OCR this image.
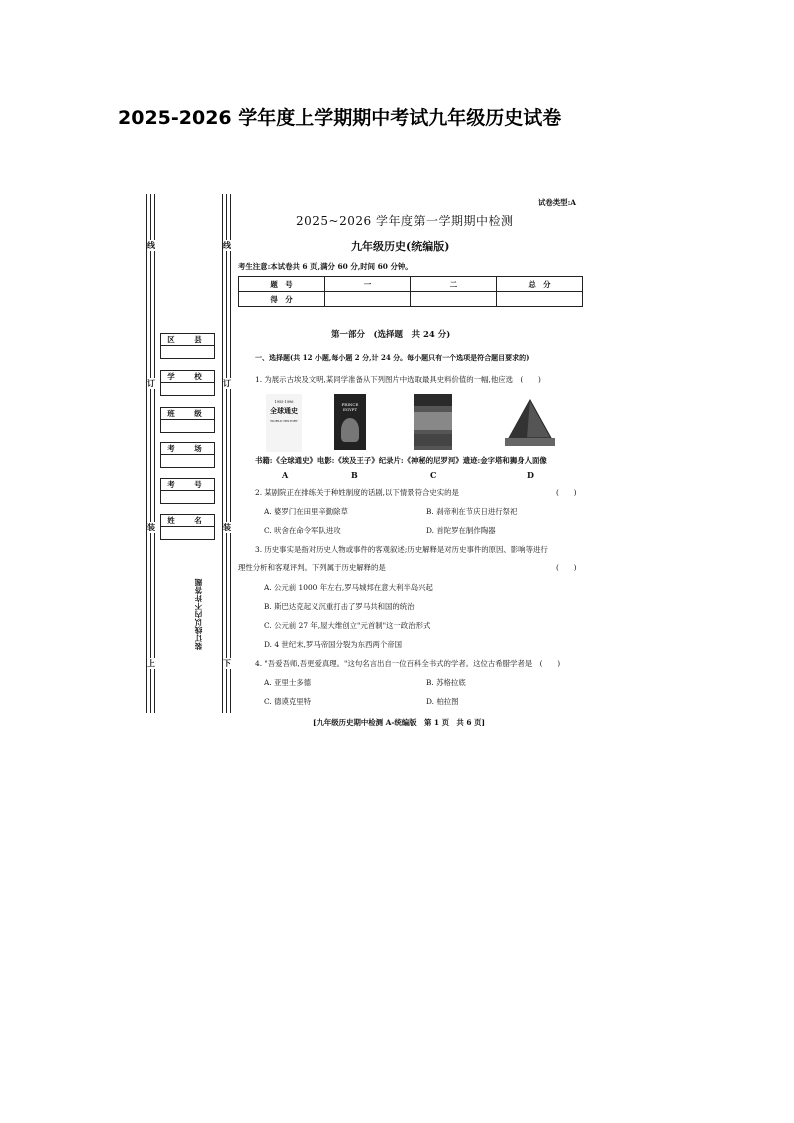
2025-2026 学年度上学期期中考试九年级历史试卷
线	线
订	订
装	装
上	下
区　县
学　校
班　级
考　场
考　号
姓　名
装订线以内不许答题
试卷类型:A
2025~2026 学年度第一学期期中检测
九年级历史(统编版)
考生注意:本试卷共 6 页,满分 60 分,时间 60 分钟。
题　号	一	二	总　分
得　分			
第一部分　(选择题　共 24 分)
一、选择题(共 12 小题,每小题 2 分,计 24 分。每小题只有一个选项是符合题目要求的)
1. 为展示古埃及文明,某同学准备从下列图片中选取最具史料价值的一幅,他应选　(　　)
1955-1996
全球通史
WORLD HISTORY
PRINCE EGYPT
书籍:《全球通史》电影:《埃及王子》纪录片:《神秘的尼罗河》遗迹:金字塔和狮身人面像
A	B	C	D
2. 某剧院正在排练关于种姓制度的话剧,以下情景符合史实的是	(　　)
A. 婆罗门在田里辛勤除草	B. 刹帝利在节庆日进行祭祀
C. 吠舍在命令军队进攻	D. 首陀罗在制作陶器
3. 历史事实是指对历史人物或事件的客观叙述;历史解释是对历史事件的原因、影响等进行
理性分析和客观评判。下列属于历史解释的是	(　　)
A. 公元前 1000 年左右,罗马城邦在意大利半岛兴起
B. 斯巴达克起义沉重打击了罗马共和国的统治
C. 公元前 27 年,屋大维创立"元首制"这一政治形式
D. 4 世纪末,罗马帝国分裂为东西两个帝国
4. "吾爱吾师,吾更爱真理。"这句名言出自一位百科全书式的学者。这位古希腊学者是　(　　)
A. 亚里士多德	B. 苏格拉底
C. 德谟克里特	D. 柏拉图
[九年级历史期中检测 A-统编版　第 1 页　共 6 页]
